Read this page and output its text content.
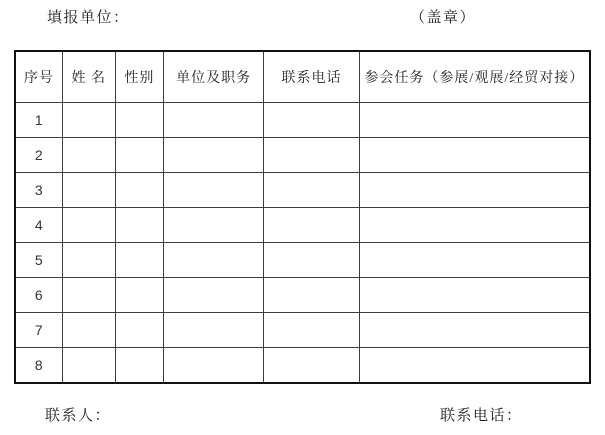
填报单位：	（盖章）
序号	姓 名	性别	单位及职务	联系电话	参会任务（参展/观展/经贸对接）
1					
2					
3					
4					
5					
6					
7					
8					
联系人：	联系电话：
